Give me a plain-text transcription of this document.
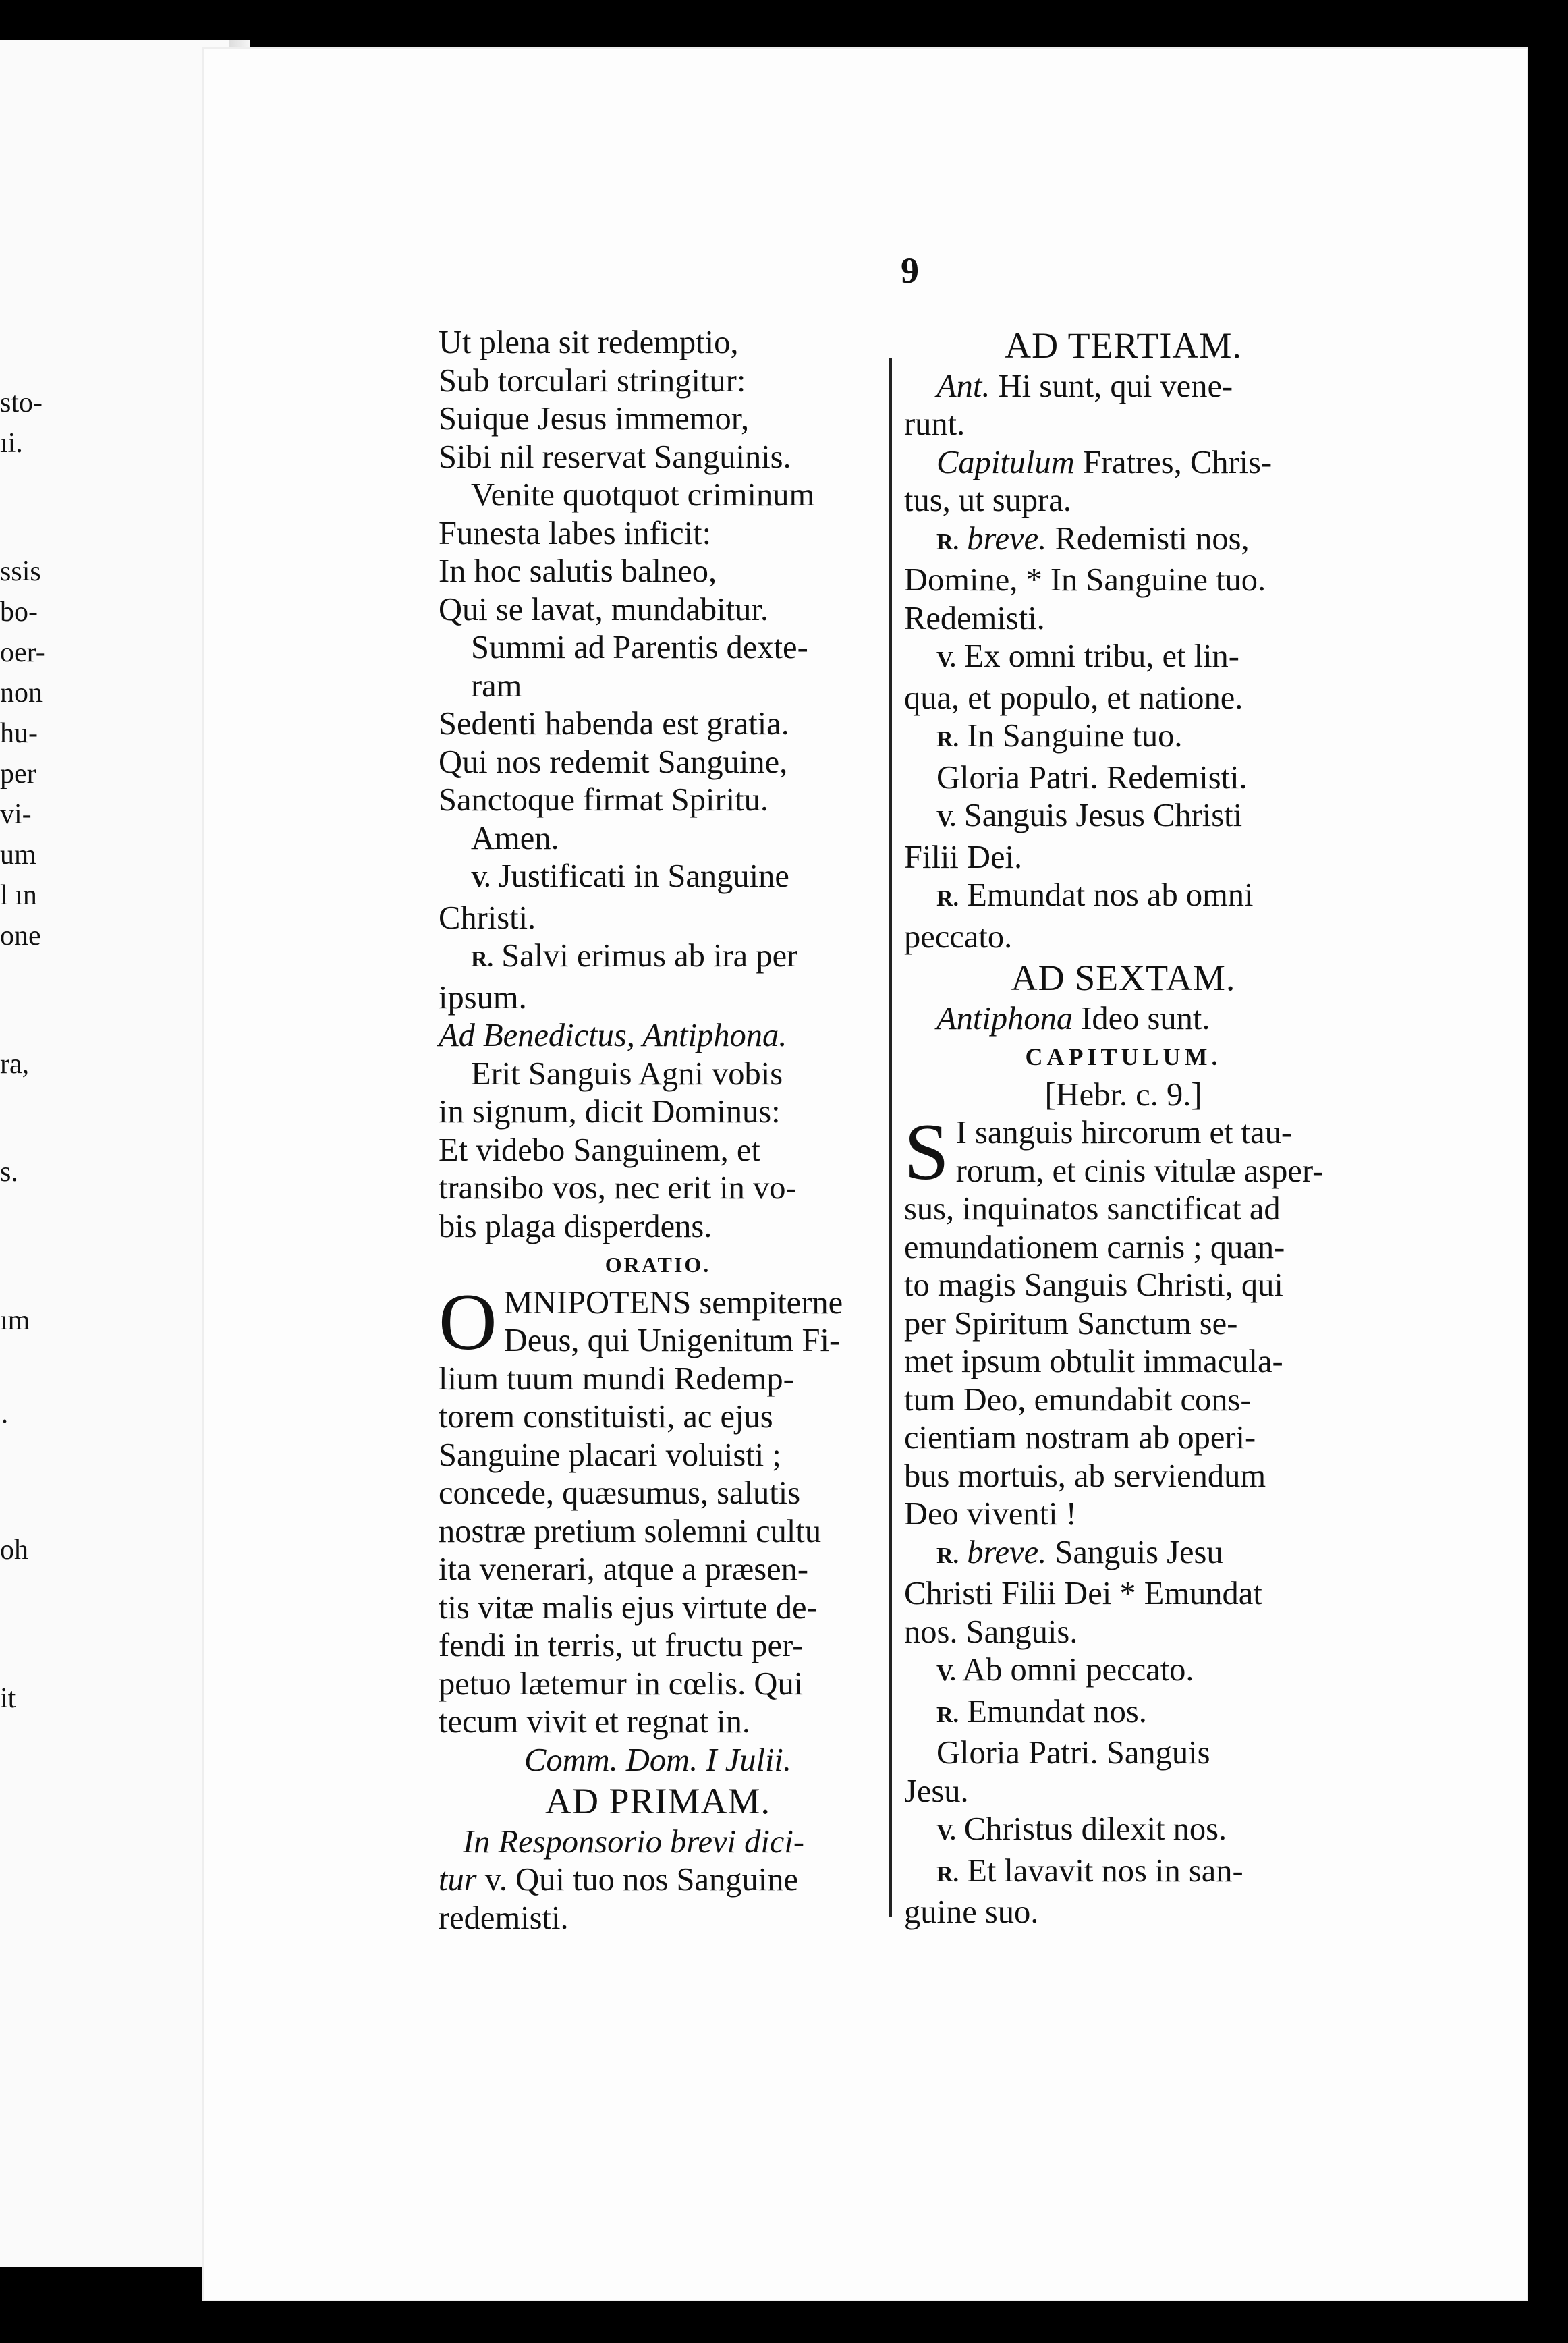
sto-
ıi.
ssis
bo-
oer-
non
hu-
per
vi-
um
l ın
one
ra,
s.
ım
·
oh
it
9
Ut plena sit redemptio,
Sub torculari stringitur:
Suique Jesus immemor,
Sibi nil reservat Sanguinis.
Venite quotquot criminum
Funesta labes inficit:
In hoc salutis balneo,
Qui se lavat, mundabitur.
Summi ad Parentis dexte-
ram
Sedenti habenda est gratia.
Qui nos redemit Sanguine,
Sanctoque firmat Spiritu.
Amen.
V. Justificati in Sanguine
Christi.
R. Salvi erimus ab ira per
ipsum.
Ad Benedictus, Antiphona.
Erit Sanguis Agni vobis
in signum, dicit Dominus:
Et videbo Sanguinem, et
transibo vos, nec erit in vo-
bis plaga disperdens.
ORATIO.
O MNIPOTENS sempiterne
Deus, qui Unigenitum Fi-
lium tuum mundi Redemp-
torem constituisti, ac ejus
Sanguine placari voluisti ;
concede, quæsumus, salutis
nostræ pretium solemni cultu
ita venerari, atque a præsen-
tis vitæ malis ejus virtute de-
fendi in terris, ut fructu per-
petuo lætemur in cœlis. Qui
tecum vivit et regnat in.
Comm. Dom. I Julii.
AD PRIMAM.
In Responsorio brevi dici-
tur v. Qui tuo nos Sanguine
redemisti.
AD TERTIAM.
Ant. Hi sunt, qui vene-
runt.
Capitulum Fratres, Chris-
tus, ut supra.
R. breve. Redemisti nos,
Domine, * In Sanguine tuo.
Redemisti.
V. Ex omni tribu, et lin-
qua, et populo, et natione.
R. In Sanguine tuo.
Gloria Patri. Redemisti.
V. Sanguis Jesus Christi
Filii Dei.
R. Emundat nos ab omni
peccato.
AD SEXTAM.
Antiphona Ideo sunt.
CAPITULUM.
[Hebr. c. 9.]
S I sanguis hircorum et tau-
rorum, et cinis vitulæ asper-
sus, inquinatos sanctificat ad
emundationem carnis ; quan-
to magis Sanguis Christi, qui
per Spiritum Sanctum se-
met ipsum obtulit immacula-
tum Deo, emundabit cons-
cientiam nostram ab operi-
bus mortuis, ab serviendum
Deo viventi !
R. breve. Sanguis Jesu
Christi Filii Dei * Emundat
nos. Sanguis.
V. Ab omni peccato.
R. Emundat nos.
Gloria Patri. Sanguis
Jesu.
V. Christus dilexit nos.
R. Et lavavit nos in san-
guine suo.
